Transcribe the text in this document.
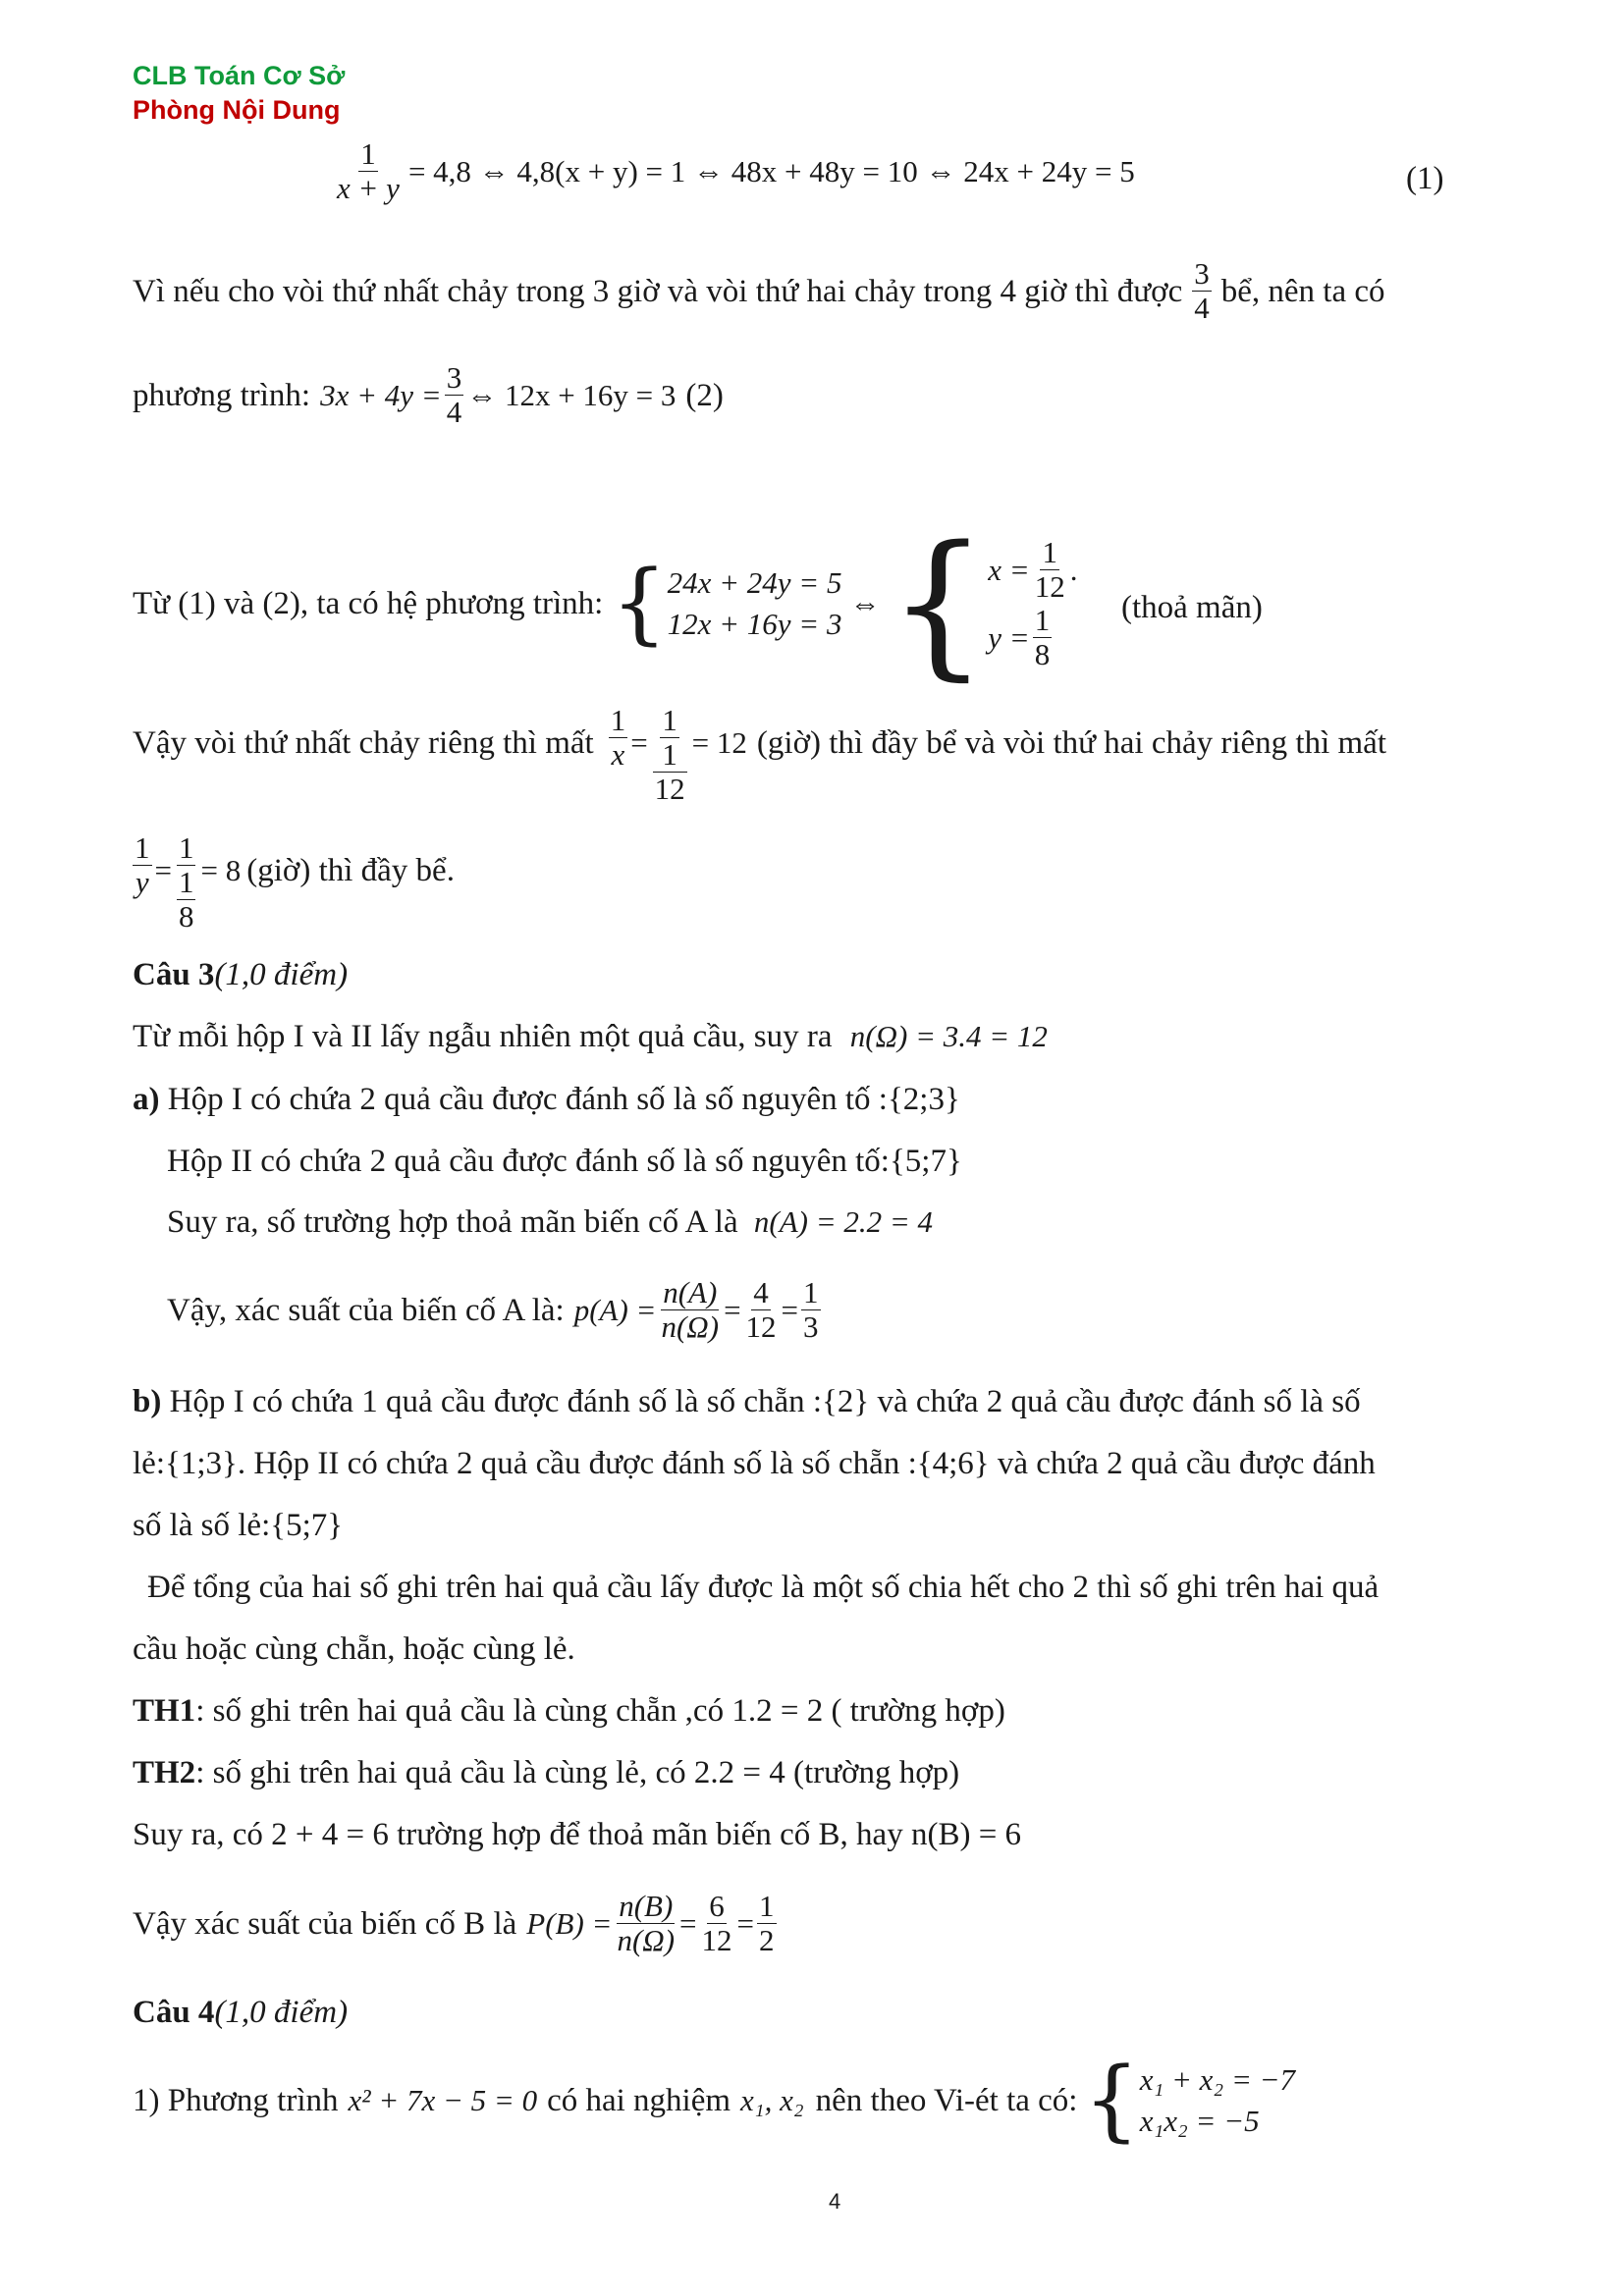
CLB Toán Cơ Sở
Phòng Nội Dung
$\frac{1}{x + y} = 4,8$ ⇔ 4,8(x + y) = 1 ⇔ 48x + 48y = 10 ⇔ 24x + 24y = 5	(1)
Vì nếu cho vòi thứ nhất chảy trong 3 giờ và vòi thứ hai chảy trong 4 giờ thì được $\frac{3}{4}$ bể, nên ta có
phương trình: $3x + 4y = \frac{3}{4}$ ⇔ 12x + 16y = 3 (2)
Từ (1) và (2), ta có hệ phương trình: { 24x + 24y = 5
12x + 16y = 3
⇔ { $x = \frac{1}{12}$ .
$y = \frac{1}{8}$ (thoả mãn)
Vậy vòi thứ nhất chảy riêng thì mất $\frac{1}{x} = \frac{1}{\frac{1}{12}} = 12$ (giờ) thì đầy bể và vòi thứ hai chảy riêng thì mất
$\frac{1}{y} = \frac{1}{\frac{1}{8}} = 8$ (giờ) thì đầy bể.
Câu 3(1,0 điểm)
Từ mỗi hộp I và II lấy ngẫu nhiên một quả cầu, suy ra n(Ω) = 3.4 = 12
a) Hộp I có chứa 2 quả cầu được đánh số là số nguyên tố :{2;3}
Hộp II có chứa 2 quả cầu được đánh số là số nguyên tố:{5;7}
Suy ra, số trường hợp thoả mãn biến cố A là n(A) = 2.2 = 4
Vậy, xác suất của biến cố A là: $p(A) = \frac{n(A)}{n(\Omega)} = \frac{4}{12} = \frac{1}{3}$
b) Hộp I có chứa 1 quả cầu được đánh số là số chẵn :{2} và chứa 2 quả cầu được đánh số là số
lẻ:{1;3}. Hộp II có chứa 2 quả cầu được đánh số là số chẵn :{4;6} và chứa 2 quả cầu được đánh
số là số lẻ:{5;7}
Để tổng của hai số ghi trên hai quả cầu lấy được là một số chia hết cho 2 thì số ghi trên hai quả
cầu hoặc cùng chẵn, hoặc cùng lẻ.
TH1: số ghi trên hai quả cầu là cùng chẵn ,có 1.2 = 2 ( trường hợp)
TH2: số ghi trên hai quả cầu là cùng lẻ, có 2.2 = 4 (trường hợp)
Suy ra, có 2 + 4 = 6 trường hợp để thoả mãn biến cố B, hay n(B) = 6
Vậy xác suất của biến cố B là $P(B) = \frac{n(B)}{n(\Omega)} = \frac{6}{12} = \frac{1}{2}$
Câu 4(1,0 điểm)
1) Phương trình x² + 7x − 5 = 0 có hai nghiệm x₁, x₂ nên theo Vi-ét ta có: { x₁ + x₂ = −7
x₁x₂ = −5
4
